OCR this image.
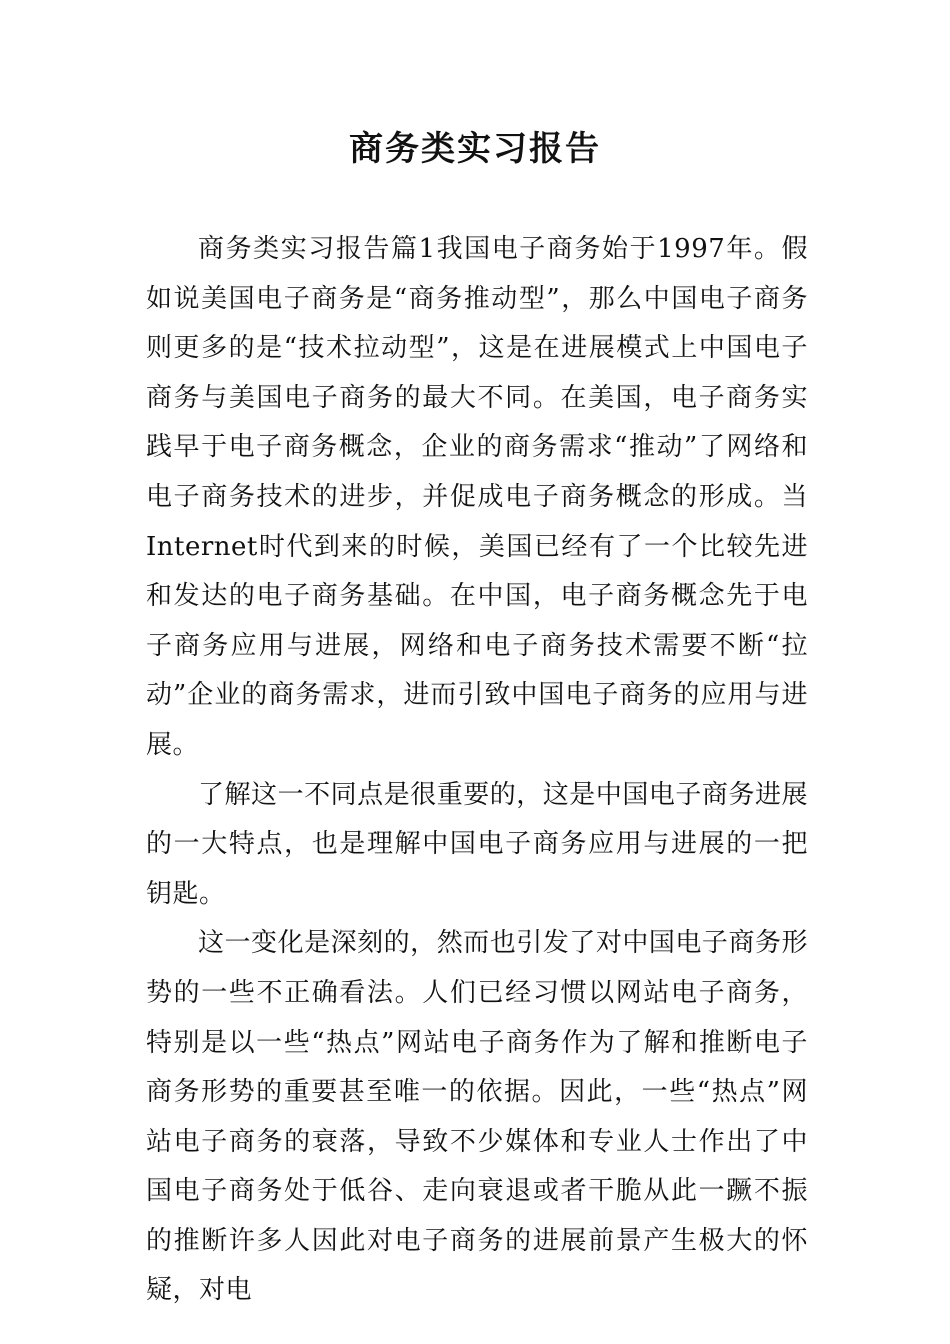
商务类实习报告

商务类实习报告篇1我国电子商务始于1997年。假如说美国电子商务是“商务推动型”，那么中国电子商务则更多的是“技术拉动型”，这是在进展模式上中国电子商务与美国电子商务的最大不同。在美国，电子商务实践早于电子商务概念，企业的商务需求“推动”了网络和电子商务技术的进步，并促成电子商务概念的形成。当Internet时代到来的时候，美国已经有了一个比较先进和发达的电子商务基础。在中国，电子商务概念先于电子商务应用与进展，网络和电子商务技术需要不断“拉动”企业的商务需求，进而引致中国电子商务的应用与进展。

了解这一不同点是很重要的，这是中国电子商务进展的一大特点，也是理解中国电子商务应用与进展的一把钥匙。

这一变化是深刻的，然而也引发了对中国电子商务形势的一些不正确看法。人们已经习惯以网站电子商务，特别是以一些“热点”网站电子商务作为了解和推断电子商务形势的重要甚至唯一的依据。因此，一些“热点”网站电子商务的衰落，导致不少媒体和专业人士作出了中国电子商务处于低谷、走向衰退或者干脆从此一蹶不振的推断许多人因此对电子商务的进展前景产生极大的怀疑，对电
